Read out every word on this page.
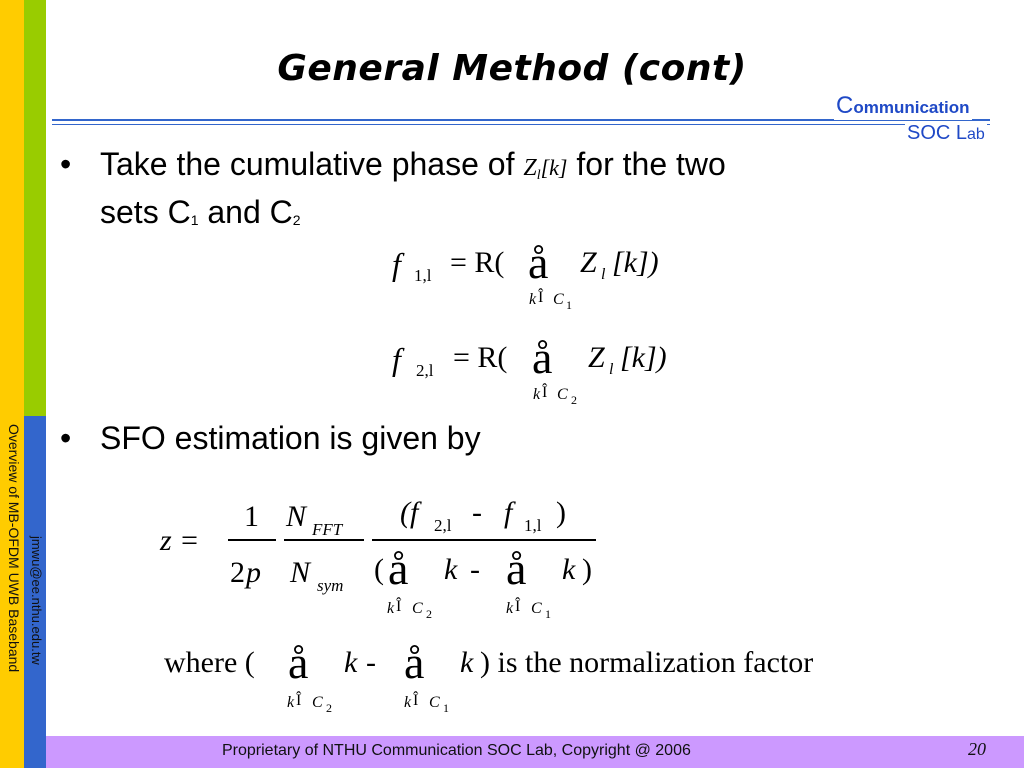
Overview of MB-OFDM UWB Baseband jmwu@ee.nthu.edu.tw
General Method (cont)
Communication
SOC Lab
• Take the cumulative phase of Zl[k] for the two
sets C1 and C2
f 1,l = R( å Z l [k])
k Î C 1
f 2,l = R( å Z l [k])
k Î C 2
• SFO estimation is given by
z =
1
2 p
N FFT
N sym
(f 2,l - f 1,l )
( å k - å k )
k Î C 2	k Î C 1
where ( å k - å k ) is the normalization factor
k Î C 2	k Î C 1
Proprietary of NTHU Communication SOC Lab, Copyright @ 2006	20
